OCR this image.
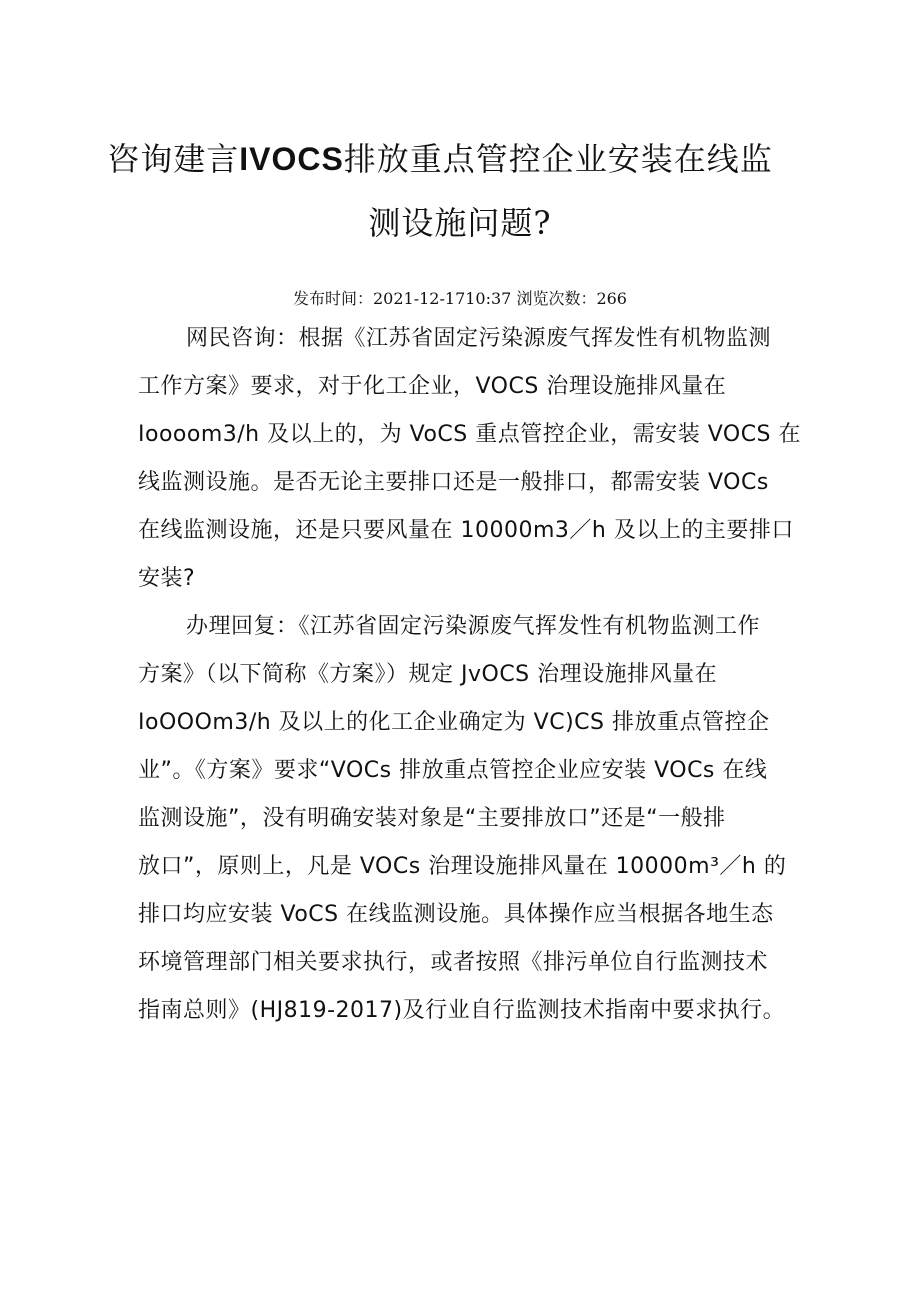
咨询建言IVOCS排放重点管控企业安装在线监
测设施问题?
发布时间：2021-12-1710:37 浏览次数：266
网民咨询：根据《江苏省固定污染源废气挥发性有机物监测
工作方案》要求，对于化工企业，VOCS 治理设施排风量在
Ioooom3/h 及以上的，为 VoCS 重点管控企业，需安装 VOCS 在
线监测设施。是否无论主要排口还是一般排口，都需安装 VOCs
在线监测设施，还是只要风量在 10000m3／h 及以上的主要排口
安装?
办理回复：《江苏省固定污染源废气挥发性有机物监测工作
方案》（以下简称《方案》）规定 JvOCS 治理设施排风量在
IoOOOm3/h 及以上的化工企业确定为 VC)CS 排放重点管控企
业”。《方案》要求“VOCs 排放重点管控企业应安装 VOCs 在线
监测设施”，没有明确安装对象是“主要排放口”还是“一般排
放口”，原则上，凡是 VOCs 治理设施排风量在 10000m³／h 的
排口均应安装 VoCS 在线监测设施。具体操作应当根据各地生态
环境管理部门相关要求执行，或者按照《排污单位自行监测技术
指南总则》(HJ819-2017)及行业自行监测技术指南中要求执行。
